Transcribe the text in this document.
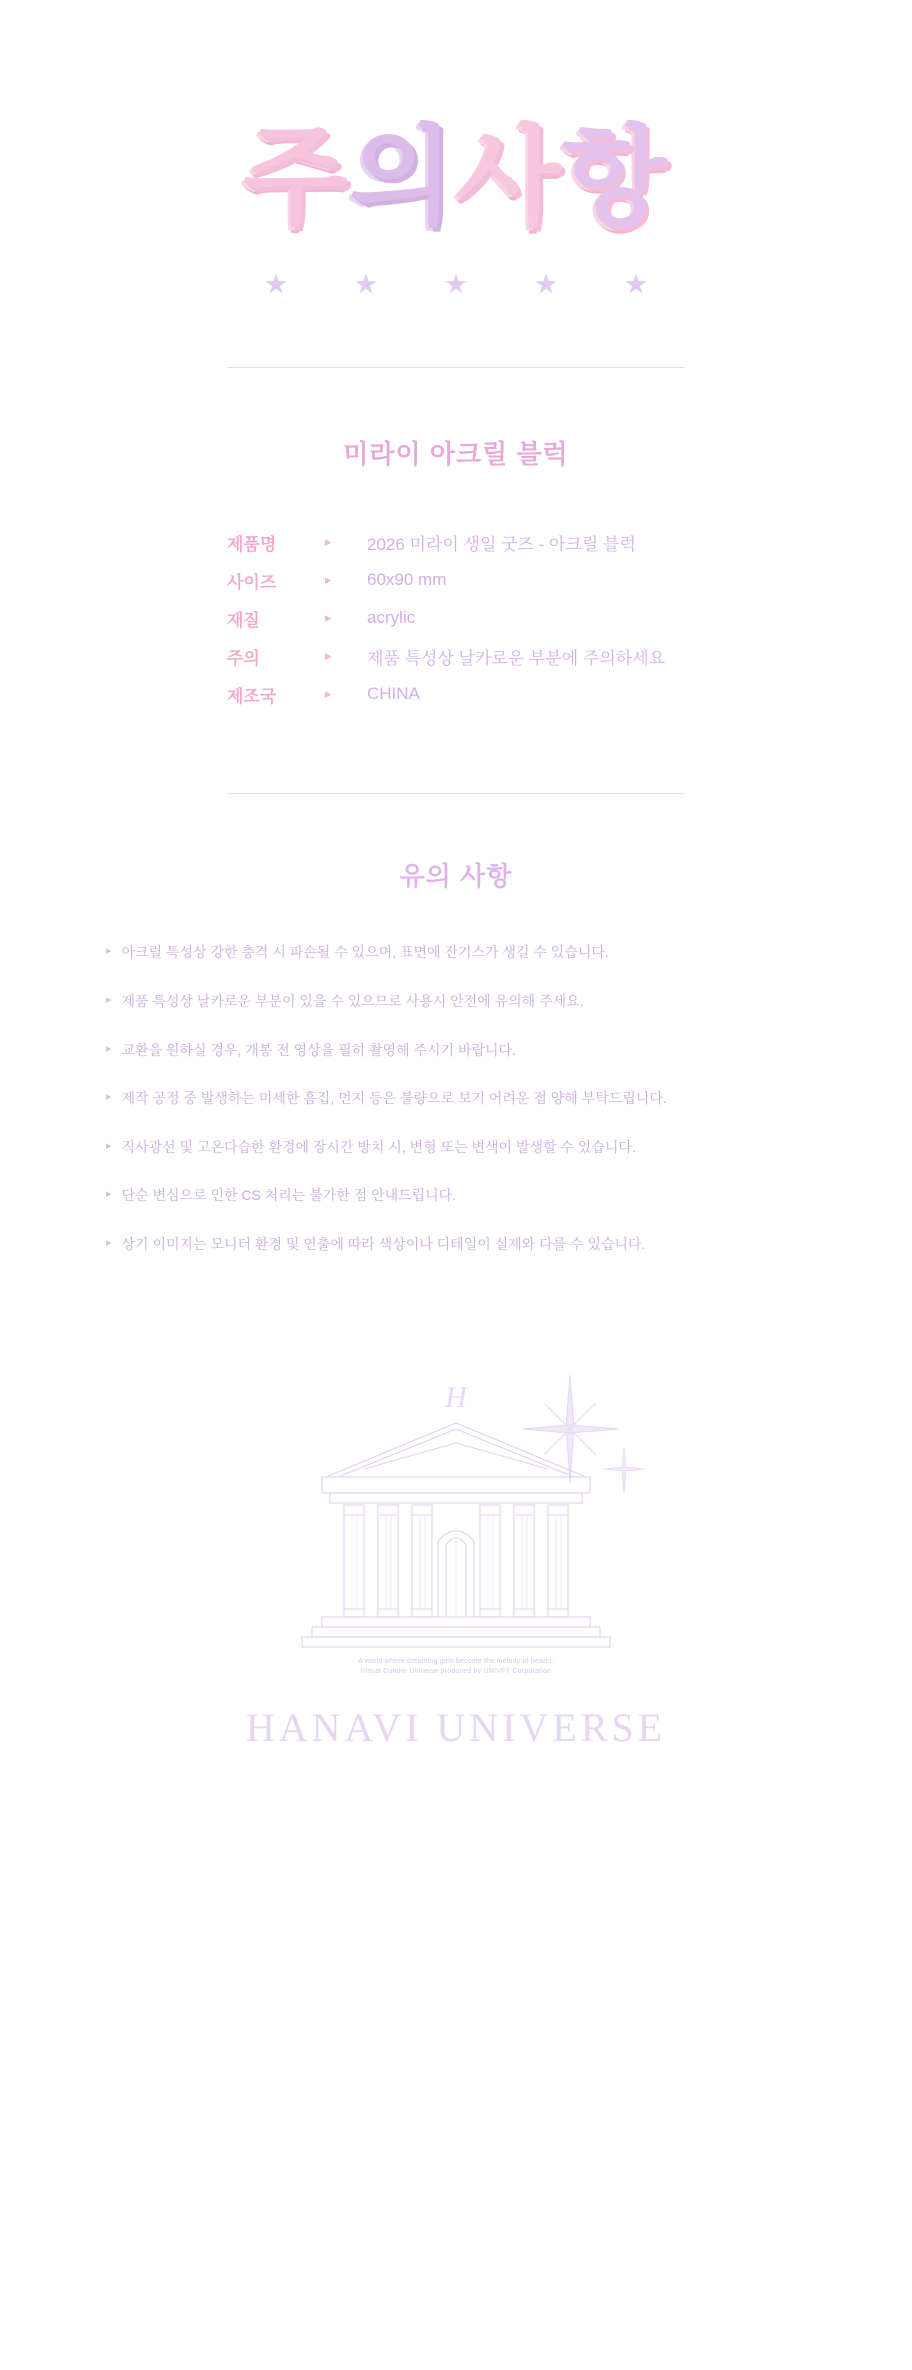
주의사항
미라이 아크릴 블럭
제품명	▸	2026 미라이 생일 굿즈 - 아크릴 블럭
사이즈	▸	60x90 mm
재질	▸	acrylic
주의	▸	제품 특성상 날카로운 부분에 주의하세요
제조국	▸	CHINA
유의 사항
▸ 아크릴 특성상 강한 충격 시 파손될 수 있으며, 표면에 잔기스가 생길 수 있습니다.
▸ 제품 특성상 날카로운 부분이 있을 수 있으므로 사용시 안전에 유의해 주세요.
▸ 교환을 원하실 경우, 개봉 전 영상을 필히 촬영해 주시기 바랍니다.
▸ 제작 공정 중 발생하는 미세한 흠집, 먼지 등은 불량으로 보기 어려운 점 양해 부탁드립니다.
▸ 직사광선 및 고온다습한 환경에 장시간 방치 시, 변형 또는 변색이 발생할 수 있습니다.
▸ 단순 변심으로 인한 CS 처리는 불가한 점 안내드립니다.
▸ 상기 이미지는 모니터 환경 및 연출에 따라 색상이나 디테일이 실제와 다를 수 있습니다.
H
A world where dreaming girls become the melody of hearts.
Visual Culture Universe produced by UNIVFY Corporation
HANAVI UNIVERSE
